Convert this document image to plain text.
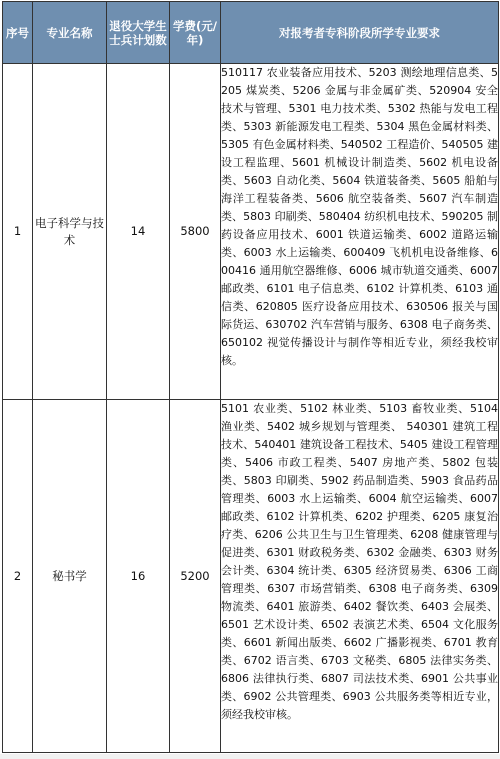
序号	专业名称	退役大学生士兵计划数	学费(元/年)	对报考者专科阶段所学专业要求
1	电子科学与技术	14	5800	510117 农业装备应用技术、5203 测绘地理信息类、5205 煤炭类、5206 金属与非金属矿类、520904 安全技术与管理、5301 电力技术类、5302 热能与发电工程类、5303 新能源发电工程类、5304 黑色金属材料类、5305 有色金属材料类、540502 工程造价、540505 建设工程监理、5601 机械设计制造类、5602 机电设备类、5603 自动化类、5604 铁道装备类、5605 船舶与海洋工程装备类、5606 航空装备类、5607 汽车制造类、5803 印刷类、580404 纺织机电技术、590205 制药设备应用技术、6001 铁道运输类、6002 道路运输类、6003 水上运输类、600409 飞机机电设备维修、600416 通用航空器维修、6006 城市轨道交通类、6007 邮政类、6101 电子信息类、6102 计算机类、6103 通信类、620805 医疗设备应用技术、630506 报关与国际货运、630702 汽车营销与服务、6308 电子商务类、650102 视觉传播设计与制作等相近专业，须经我校审核。
2	秘书学	16	5200	5101 农业类、5102 林业类、5103 畜牧业类、5104 渔业类、5402 城乡规划与管理类、 540301 建筑工程技术、540401 建筑设备工程技术、5405 建设工程管理类、5406 市政工程类、5407 房地产类、5802 包装类、5803 印刷类、5902 药品制造类、5903 食品药品管理类、6003 水上运输类、6004 航空运输类、6007 邮政类、6102 计算机类、6202 护理类、6205 康复治疗类、6206 公共卫生与卫生管理类、6208 健康管理与促进类、6301 财政税务类、6302 金融类、6303 财务会计类、6304 统计类、6305 经济贸易类、6306 工商管理类、6307 市场营销类、6308 电子商务类、6309 物流类、6401 旅游类、6402 餐饮类、6403 会展类、6501 艺术设计类、6502 表演艺术类、6504 文化服务类、6601 新闻出版类、6602 广播影视类、6701 教育类、6702 语言类、6703 文秘类、6805 法律实务类、6806 法律执行类、6807 司法技术类、6901 公共事业类、6902 公共管理类、6903 公共服务类等相近专业，须经我校审核。
